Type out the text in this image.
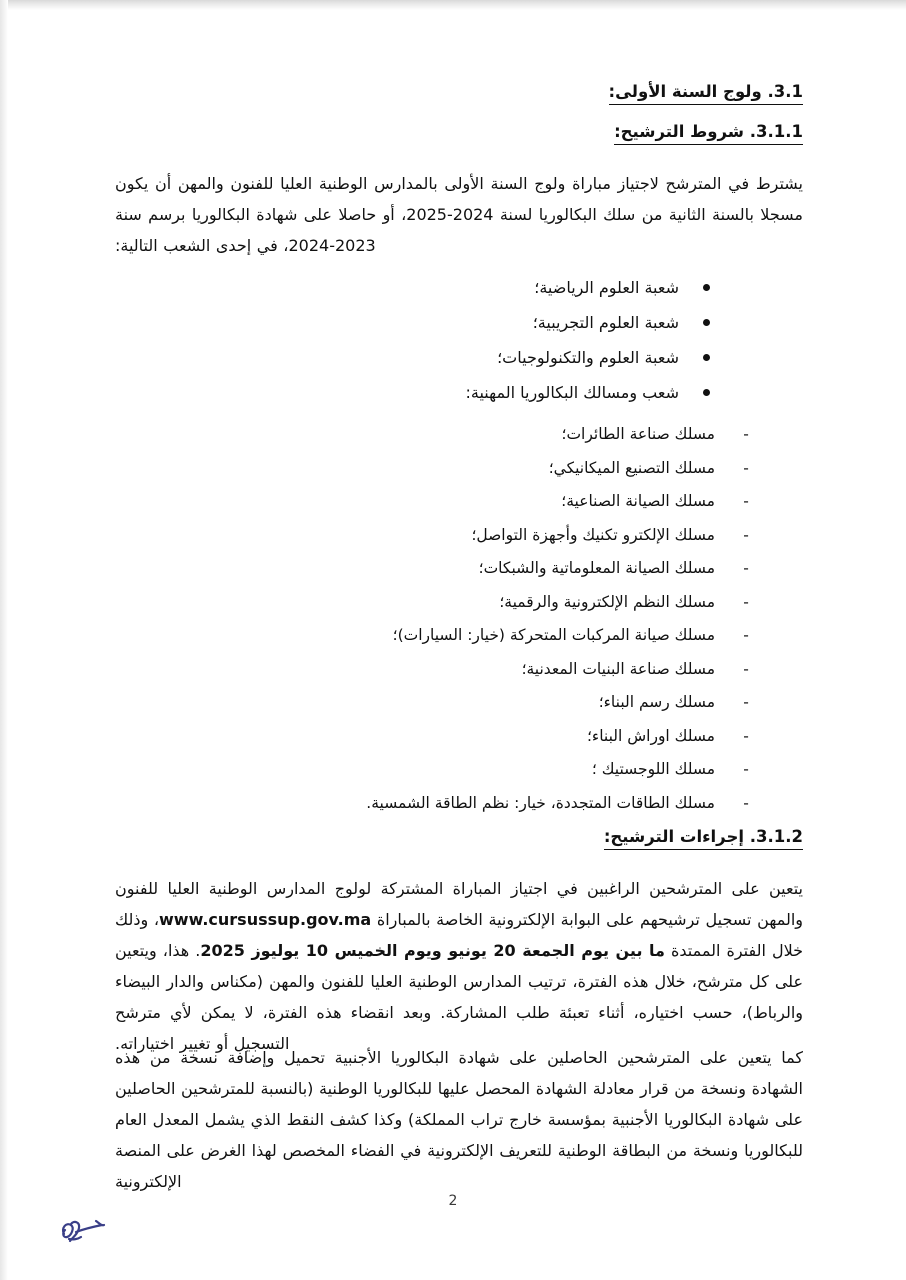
3.1. ولوج السنة الأولى:
3.1.1. شروط الترشيح:

يشترط في المترشح لاجتياز مباراة ولوج السنة الأولى بالمدارس الوطنية العليا للفنون والمهن أن يكون مسجلا بالسنة الثانية من سلك البكالوريا لسنة 2024-2025، أو حاصلا على شهادة البكالوريا برسم سنة 2023-2024، في إحدى الشعب التالية:

شعبة العلوم الرياضية؛
شعبة العلوم التجريبية؛
شعبة العلوم والتكنولوجيات؛
شعب ومسالك البكالوريا المهنية:
-
مسلك صناعة الطائرات؛
-
مسلك التصنيع الميكانيكي؛
-
مسلك الصيانة الصناعية؛
-
مسلك الإلكترو تكنيك وأجهزة التواصل؛
-
مسلك الصيانة المعلوماتية والشبكات؛
-
مسلك النظم الإلكترونية والرقمية؛
-
مسلك صيانة المركبات المتحركة (خيار: السيارات)؛
-
مسلك صناعة البنيات المعدنية؛
-
مسلك رسم البناء؛
-
مسلك اوراش البناء؛
-
مسلك اللوجستيك ؛
-
مسلك الطاقات المتجددة، خيار: نظم الطاقة الشمسية.
3.1.2. إجراءات الترشيح:

يتعين على المترشحين الراغبين في اجتياز المباراة المشتركة لولوج المدارس الوطنية العليا للفنون والمهن تسجيل ترشيحهم على البوابة الإلكترونية الخاصة بالمباراة www.cursussup.gov.ma، وذلك خلال الفترة الممتدة ما بين يوم الجمعة 20 يونيو ويوم الخميس 10 يوليوز 2025. هذا، ويتعين على كل مترشح، خلال هذه الفترة، ترتيب المدارس الوطنية العليا للفنون والمهن (مكناس والدار البيضاء والرباط)، حسب اختياره، أثناء تعبئة طلب المشاركة. وبعد انقضاء هذه الفترة، لا يمكن لأي مترشح التسجيل أو تغيير اختياراته.

كما يتعين على المترشحين الحاصلين على شهادة البكالوريا الأجنبية تحميل وإضافة نسخة من هذه الشهادة ونسخة من قرار معادلة الشهادة المحصل عليها للبكالوريا الوطنية (بالنسبة للمترشحين الحاصلين على شهادة البكالوريا الأجنبية بمؤسسة خارج تراب المملكة) وكذا كشف النقط الذي يشمل المعدل العام للبكالوريا ونسخة من البطاقة الوطنية للتعريف الإلكترونية في الفضاء المخصص لهذا الغرض على المنصة الإلكترونية

2
